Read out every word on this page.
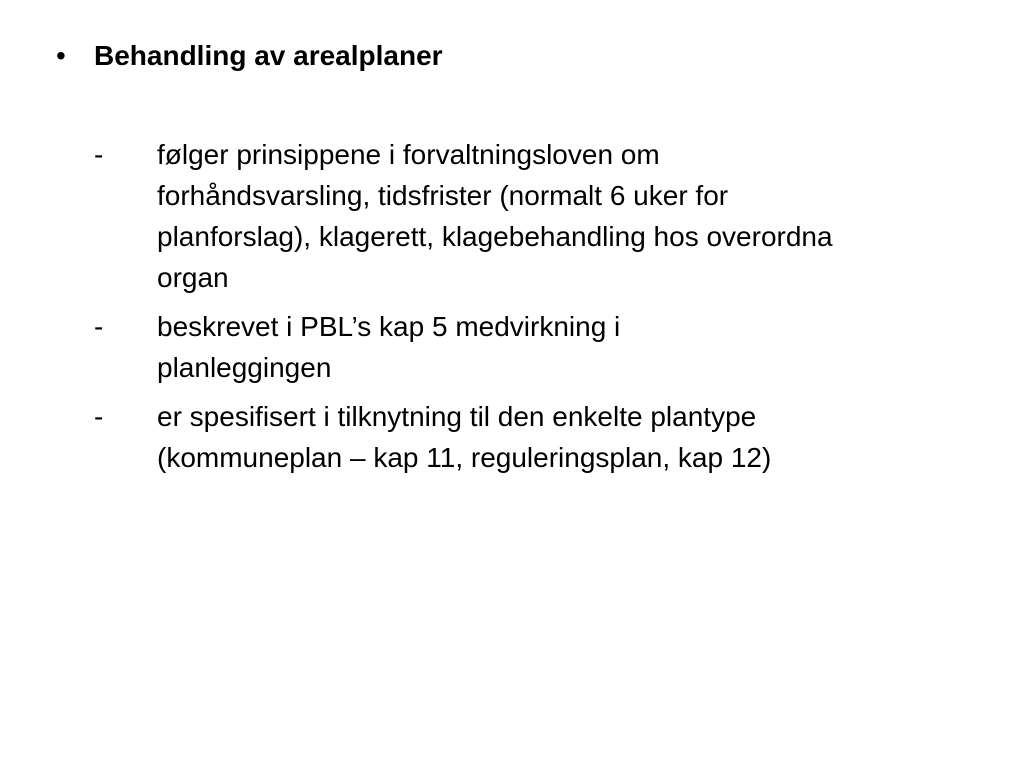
• Behandling av arealplaner
-	følger prinsippene i forvaltningsloven om forhåndsvarsling, tidsfrister (normalt 6 uker for planforslag), klagerett, klagebehandling hos overordna organ
-	beskrevet i PBL’s kap 5 medvirkning i planleggingen
-	er spesifisert i tilknytning til den enkelte plantype (kommuneplan – kap 11, reguleringsplan, kap 12)
